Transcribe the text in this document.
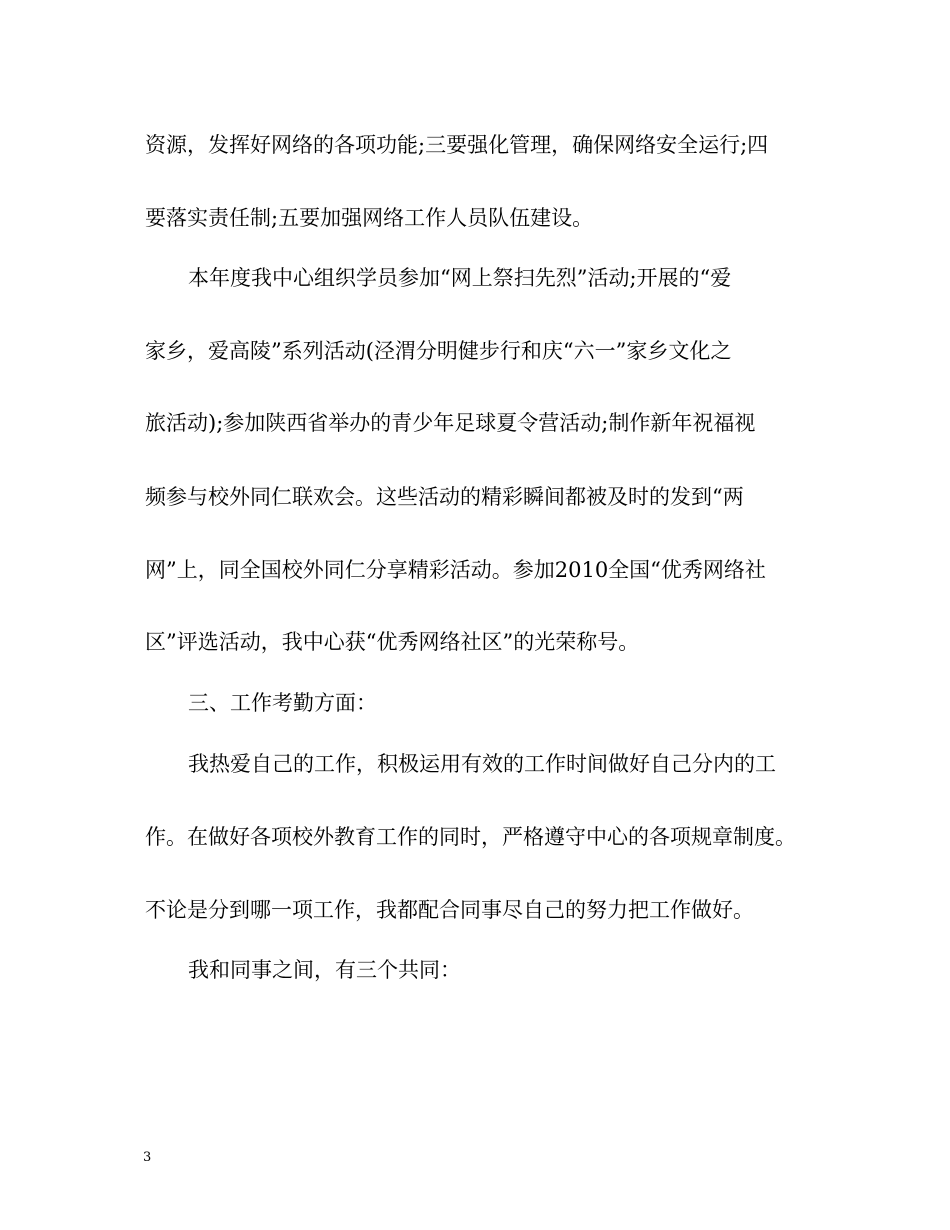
资源，发挥好网络的各项功能;三要强化管理，确保网络安全运行;四
要落实责任制;五要加强网络工作人员队伍建设。
本年度我中心组织学员参加“网上祭扫先烈”活动;开展的“爱
家乡，爱高陵”系列活动(泾渭分明健步行和庆“六一”家乡文化之
旅活动);参加陕西省举办的青少年足球夏令营活动;制作新年祝福视
频参与校外同仁联欢会。这些活动的精彩瞬间都被及时的发到“两
网”上，同全国校外同仁分享精彩活动。参加2010全国“优秀网络社
区”评选活动，我中心获“优秀网络社区”的光荣称号。
三、工作考勤方面：
我热爱自己的工作，积极运用有效的工作时间做好自己分内的工
作。在做好各项校外教育工作的同时，严格遵守中心的各项规章制度。
不论是分到哪一项工作，我都配合同事尽自己的努力把工作做好。
我和同事之间，有三个共同：
3
